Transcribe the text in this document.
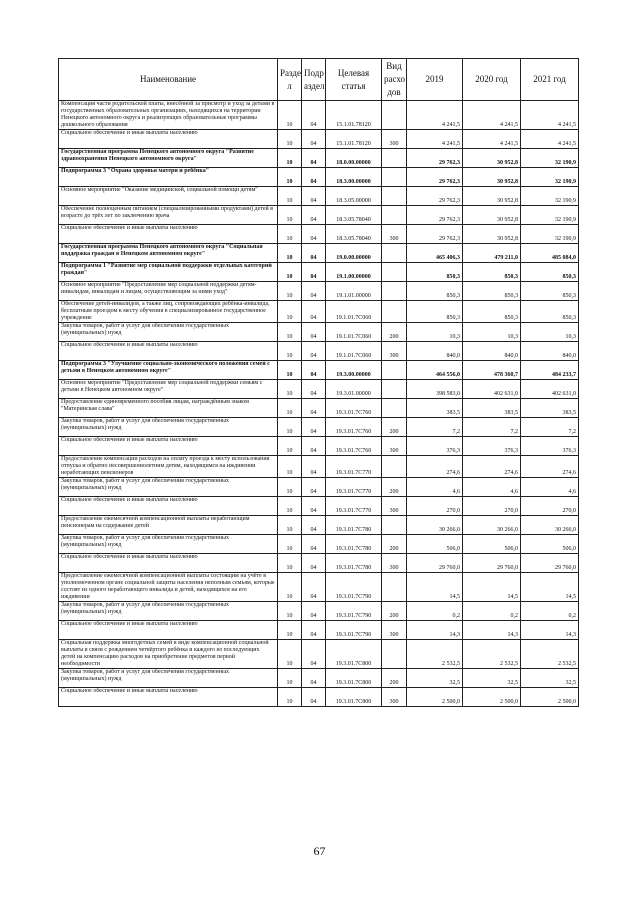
Наименование	Разде л	Подр аздел	Целевая статья	Вид расхо дов	2019	2020 год	2021 год
Компенсация части родительской платы, внесённой за присмотр и уход за детьми в государственных образовательных организациях, находящихся на территории Ненецкого автономного округа и реализующих образовательные программы дошкольного образования	10	04	15.1.01.78120		4 241,5	4 241,5	4 241,5
Социальное обеспечение и иные выплаты населению	10	04	15.1.01.78120	300	4 241,5	4 241,5	4 241,5
Государственная программа Ненецкого автономного округа "Развитие здравоохранения Ненецкого автономного округа"	10	04	18.0.00.00000		29 762,3	30 952,8	32 190,9
Подпрограмма 3 "Охрана здоровья матери и ребёнка"	10	04	18.3.00.00000		29 762,3	30 952,8	32 190,9
Основное мероприятие "Оказание медицинской, социальной помощи детям"	10	04	18.3.05.00000		29 762,3	30 952,8	32 190,9
Обеспечение полноценным питанием (специализированными продуктами) детей в возрасте до трёх лет по заключению врача	10	04	18.3.05.78040		29 762,3	30 952,8	32 190,9
Социальное обеспечение и иные выплаты населению	10	04	18.3.05.78040	300	29 762,3	30 952,8	32 190,9
Государственная программа Ненецкого автономного округа "Социальная поддержка граждан в Ненецком автономном округе"	10	04	19.0.00.00000		465 406,3	479 211,0	485 084,0
Подпрограмма 1 "Развитие мер социальной поддержки отдельных категорий граждан"	10	04	19.1.00.00000		850,3	850,3	850,3
Основное мероприятие "Предоставление мер социальной поддержки детям-инвалидам, инвалидам и лицам, осуществляющим за ними уход"	10	04	19.1.01.00000		850,3	850,3	850,3
Обеспечение детей-инвалидов, а также лиц, сопровождающих ребёнка-инвалида, бесплатным проездом к месту обучения в специализированное государственное учреждение	10	04	19.1.01.7С060		850,3	850,3	850,3
Закупка товаров, работ и услуг для обеспечения государственных (муниципальных) нужд	10	04	19.1.01.7С060	200	10,3	10,3	10,3
Социальное обеспечение и иные выплаты населению	10	04	19.1.01.7С060	300	840,0	840,0	840,0
Подпрограмма 3 "Улучшение социально-экономического положения семей с детьми в Ненецком автономном округе"	10	04	19.3.00.00000		464 556,0	478 360,7	484 233,7
Основное мероприятие "Предоставление мер социальной поддержки семьям с детьми в Ненецком автономном округе"	10	04	19.3.01.00000		398 583,0	402 631,0	402 631,0
Предоставление единовременного пособия лицам, награждённым знаком "Материнская слава"	10	04	19.3.01.7С760		383,5	383,5	383,5
Закупка товаров, работ и услуг для обеспечения государственных (муниципальных) нужд	10	04	19.3.01.7С760	200	7,2	7,2	7,2
Социальное обеспечение и иные выплаты населению	10	04	19.3.01.7С760	300	376,3	376,3	376,3
Предоставление компенсации расходов на оплату проезда к месту использования отпуска и обратно несовершеннолетним детям, находящимся на иждивении неработающих пенсионеров	10	04	19.3.01.7С770		274,6	274,6	274,6
Закупка товаров, работ и услуг для обеспечения государственных (муниципальных) нужд	10	04	19.3.01.7С770	200	4,6	4,6	4,6
Социальное обеспечение и иные выплаты населению	10	04	19.3.01.7С770	300	270,0	270,0	270,0
Предоставление ежемесячной компенсационной выплаты неработающим пенсионерам на содержание детей	10	04	19.3.01.7С780		30 266,0	30 266,0	30 266,0
Закупка товаров, работ и услуг для обеспечения государственных (муниципальных) нужд	10	04	19.3.01.7С780	200	506,0	506,0	506,0
Социальное обеспечение и иные выплаты населению	10	04	19.3.01.7С780	300	29 760,0	29 760,0	29 760,0
Предоставление ежемесячной компенсационной выплаты состоящим на учёте в уполномоченном органе социальной защиты населения неполным семьям, которые состоят из одного неработающего инвалида и детей, находящихся на его иждивении	10	04	19.3.01.7С790		14,5	14,5	14,5
Закупка товаров, работ и услуг для обеспечения государственных (муниципальных) нужд	10	04	19.3.01.7С790	200	0,2	0,2	0,2
Социальное обеспечение и иные выплаты населению	10	04	19.3.01.7С790	300	14,3	14,3	14,3
Социальная поддержка многодетных семей в виде компенсационной социальной выплаты в связи с рождением четвёртого ребёнка и каждого из последующих детей на компенсацию расходов на приобретение предметов первой необходимости	10	04	19.3.01.7С800		2 532,5	2 532,5	2 532,5
Закупка товаров, работ и услуг для обеспечения государственных (муниципальных) нужд	10	04	19.3.01.7С800	200	32,5	32,5	32,5
Социальное обеспечение и иные выплаты населению	10	04	19.3.01.7С800	300	2 500,0	2 500,0	2 500,0
67
